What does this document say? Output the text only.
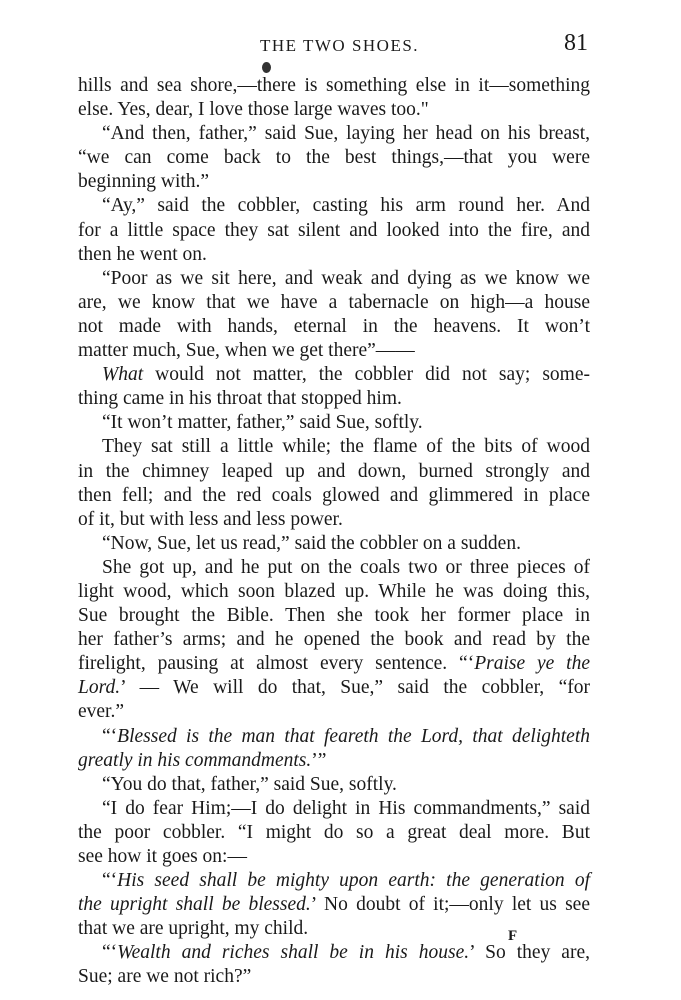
THE TWO SHOES.	81
hills and sea shore,—there is something else in it—something
else. Yes, dear, I love those large waves too."
“And then, father,” said Sue, laying her head on his breast,
“we can come back to the best things,—that you were
beginning with.”
“Ay,” said the cobbler, casting his arm round her. And
for a little space they sat silent and looked into the fire, and
then he went on.
“Poor as we sit here, and weak and dying as we know we
are, we know that we have a tabernacle on high—a house
not made with hands, eternal in the heavens. It won’t
matter much, Sue, when we get there”——
What would not matter, the cobbler did not say; some-
thing came in his throat that stopped him.
“It won’t matter, father,” said Sue, softly.
They sat still a little while; the flame of the bits of wood
in the chimney leaped up and down, burned strongly and
then fell; and the red coals glowed and glimmered in place
of it, but with less and less power.
“Now, Sue, let us read,” said the cobbler on a sudden.
She got up, and he put on the coals two or three pieces of
light wood, which soon blazed up. While he was doing this,
Sue brought the Bible. Then she took her former place in
her father’s arms; and he opened the book and read by the
firelight, pausing at almost every sentence. “‘Praise ye the
Lord.’ — We will do that, Sue,” said the cobbler, “for
ever.”
“‘Blessed is the man that feareth the Lord, that delighteth
greatly in his commandments.’”
“You do that, father,” said Sue, softly.
“I do fear Him;—I do delight in His commandments,” said
the poor cobbler. “I might do so a great deal more. But
see how it goes on:—
“‘His seed shall be mighty upon earth: the generation of
the upright shall be blessed.’ No doubt of it;—only let us see
that we are upright, my child.
“‘Wealth and riches shall be in his house.’ So they are,
Sue; are we not rich?”
F
